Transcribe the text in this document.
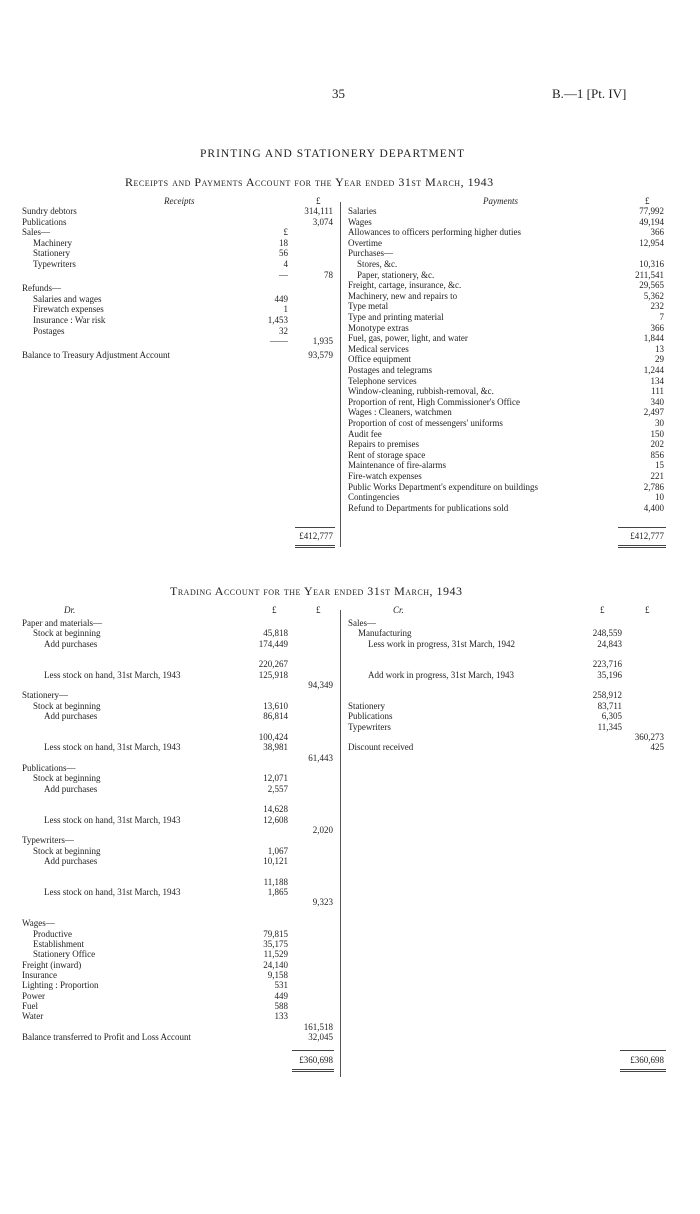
35	B.—1 [Pt. IV]
PRINTING AND STATIONERY DEPARTMENT
Receipts and Payments Account for the Year ended 31st March, 1943
Receipts	£	Payments	£
Sundry debtors	314,111
Publications	3,074
Sales—	£
Machinery	18
Stationery	56
Typewriters	4
—	78
Refunds—
Salaries and wages	449
Firewatch expenses	1
Insurance : War risk	1,453
Postages	32
——	1,935
Balance to Treasury Adjustment Account	93,579
£412,777
Salaries	77,992
Wages	49,194
Allowances to officers performing higher duties	366
Overtime	12,954
Purchases—
Stores, &c.	10,316
Paper, stationery, &c.	211,541
Freight, cartage, insurance, &c.	29,565
Machinery, new and repairs to	5,362
Type metal	232
Type and printing material	7
Monotype extras	366
Fuel, gas, power, light, and water	1,844
Medical services	13
Office equipment	29
Postages and telegrams	1,244
Telephone services	134
Window-cleaning, rubbish-removal, &c.	111
Proportion of rent, High Commissioner's Office	340
Wages : Cleaners, watchmen	2,497
Proportion of cost of messengers' uniforms	30
Audit fee	150
Repairs to premises	202
Rent of storage space	856
Maintenance of fire-alarms	15
Fire-watch expenses	221
Public Works Department's expenditure on buildings	2,786
Contingencies	10
Refund to Departments for publications sold	4,400
£412,777
Trading Account for the Year ended 31st March, 1943
Dr.	£	£	Cr.	£	£
Paper and materials—
Stock at beginning	45,818
Add purchases	174,449
220,267
Less stock on hand, 31st March, 1943	125,918
94,349
Stationery—
Stock at beginning	13,610
Add purchases	86,814
100,424
Less stock on hand, 31st March, 1943	38,981
61,443
Publications—
Stock at beginning	12,071
Add purchases	2,557
14,628
Less stock on hand, 31st March, 1943	12,608
2,020
Typewriters—
Stock at beginning	1,067
Add purchases	10,121
11,188
Less stock on hand, 31st March, 1943	1,865
9,323
Wages—
Productive	79,815
Establishment	35,175
Stationery Office	11,529
Freight (inward)	24,140
Insurance	9,158
Lighting : Proportion	531
Power	449
Fuel	588
Water	133
161,518
Balance transferred to Profit and Loss Account	32,045
£360,698
Sales—
Manufacturing	248,559
Less work in progress, 31st March, 1942	24,843
223,716
Add work in progress, 31st March, 1943	35,196
258,912
Stationery	83,711
Publications	6,305
Typewriters	11,345
360,273
Discount received	425
£360,698
